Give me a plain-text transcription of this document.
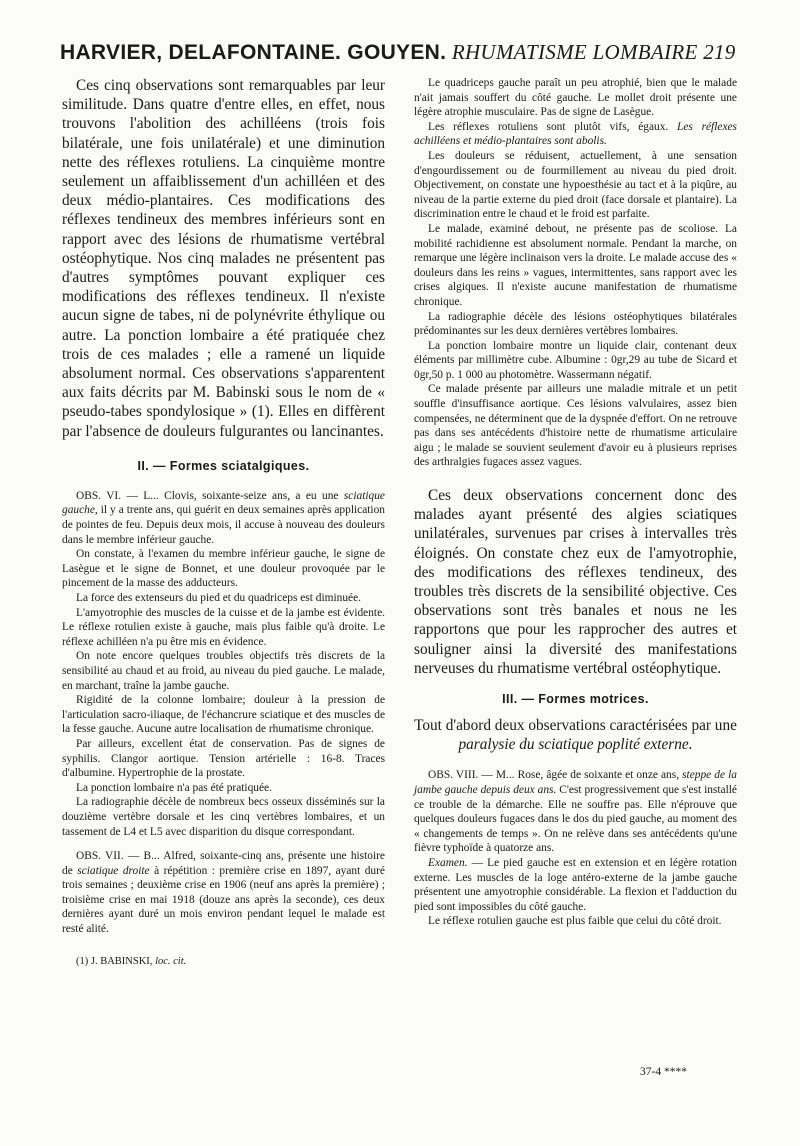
HARVIER, DELAFONTAINE. GOUYEN. RHUMATISME LOMBAIRE 219

Ces cinq observations sont remarquables par leur similitude. Dans quatre d'entre elles, en effet, nous trouvons l'abolition des achilléens (trois fois bilatérale, une fois unilatérale) et une diminution nette des réflexes rotuliens. La cinquième montre seulement un affaiblissement d'un achilléen et des deux médio-plantaires. Ces modifications des réflexes tendineux des membres inférieurs sont en rapport avec des lésions de rhumatisme vertébral ostéophytique. Nos cinq malades ne présentent pas d'autres symptômes pouvant expliquer ces modifications des réflexes tendineux. Il n'existe aucun signe de tabes, ni de polynévrite éthylique ou autre. La ponction lombaire a été pratiquée chez trois de ces malades ; elle a ramené un liquide absolument normal. Ces observations s'apparentent aux faits décrits par M. Babinski sous le nom de « pseudo-tabes spondylosique » (1). Elles en diffèrent par l'absence de douleurs fulgurantes ou lancinantes.

II. — Formes sciatalgiques.

OBS. VI. — L... Clovis, soixante-seize ans, a eu une sciatique gauche, il y a trente ans, qui guérit en deux semaines après application de pointes de feu. Depuis deux mois, il accuse à nouveau des douleurs dans le membre inférieur gauche.

On constate, à l'examen du membre inférieur gauche, le signe de Lasègue et le signe de Bonnet, et une douleur provoquée par le pincement de la masse des adducteurs.

La force des extenseurs du pied et du quadriceps est diminuée.

L'amyotrophie des muscles de la cuisse et de la jambe est évidente. Le réflexe rotulien existe à gauche, mais plus faible qu'à droite. Le réflexe achilléen n'a pu être mis en évidence.

On note encore quelques troubles objectifs très discrets de la sensibilité au chaud et au froid, au niveau du pied gauche. Le malade, en marchant, traîne la jambe gauche.

Rigidité de la colonne lombaire; douleur à la pression de l'articulation sacro-iliaque, de l'échancrure sciatique et des muscles de la fesse gauche. Aucune autre localisation de rhumatisme chronique.

Par ailleurs, excellent état de conservation. Pas de signes de syphilis. Clangor aortique. Tension artérielle : 16-8. Traces d'albumine. Hypertrophie de la prostate.

La ponction lombaire n'a pas été pratiquée.

La radiographie décèle de nombreux becs osseux disséminés sur la douzième vertèbre dorsale et les cinq vertèbres lombaires, et un tassement de L4 et L5 avec disparition du disque correspondant.

OBS. VII. — B... Alfred, soixante-cinq ans, présente une histoire de sciatique droite à répétition : première crise en 1897, ayant duré trois semaines ; deuxième crise en 1906 (neuf ans après la première) ; troisième crise en mai 1918 (douze ans après la seconde), ces deux dernières ayant duré un mois environ pendant lequel le malade est resté alité.

(1) J. BABINSKI, loc. cit.

Le quadriceps gauche paraît un peu atrophié, bien que le malade n'ait jamais souffert du côté gauche. Le mollet droit présente une légère atrophie musculaire. Pas de signe de Lasègue.

Les réflexes rotuliens sont plutôt vifs, égaux. Les réflexes achilléens et médio-plantaires sont abolis.

Les douleurs se réduisent, actuellement, à une sensation d'engourdissement ou de fourmillement au niveau du pied droit. Objectivement, on constate une hypoesthésie au tact et à la piqûre, au niveau de la partie externe du pied droit (face dorsale et plantaire). La discrimination entre le chaud et le froid est parfaite.

Le malade, examiné debout, ne présente pas de scoliose. La mobilité rachidienne est absolument normale. Pendant la marche, on remarque une légère inclinaison vers la droite. Le malade accuse des « douleurs dans les reins » vagues, intermittentes, sans rapport avec les crises algiques. Il n'existe aucune manifestation de rhumatisme chronique.

La radiographie décèle des lésions ostéophytiques bilatérales prédominantes sur les deux dernières vertèbres lombaires.

La ponction lombaire montre un liquide clair, contenant deux éléments par millimètre cube. Albumine : 0gr,29 au tube de Sicard et 0gr,50 p. 1 000 au photomètre. Wassermann négatif.

Ce malade présente par ailleurs une maladie mitrale et un petit souffle d'insuffisance aortique. Ces lésions valvulaires, assez bien compensées, ne déterminent que de la dyspnée d'effort. On ne retrouve pas dans ses antécédents d'histoire nette de rhumatisme articulaire aigu ; le malade se souvient seulement d'avoir eu à plusieurs reprises des arthralgies fugaces assez vagues.

Ces deux observations concernent donc des malades ayant présenté des algies sciatiques unilatérales, survenues par crises à intervalles très éloignés. On constate chez eux de l'amyotrophie, des modifications des réflexes tendineux, des troubles très discrets de la sensibilité objective. Ces observations sont très banales et nous ne les rapportons que pour les rapprocher des autres et souligner ainsi la diversité des manifestations nerveuses du rhumatisme vertébral ostéophytique.

III. — Formes motrices.

Tout d'abord deux observations caractérisées par une paralysie du sciatique poplité externe.

OBS. VIII. — M... Rose, âgée de soixante et onze ans, steppe de la jambe gauche depuis deux ans. C'est progressivement que s'est installé ce trouble de la démarche. Elle ne souffre pas. Elle n'éprouve que quelques douleurs fugaces dans le dos du pied gauche, au moment des « changements de temps ». On ne relève dans ses antécédents qu'une fièvre typhoïde à quatorze ans.

Examen. — Le pied gauche est en extension et en légère rotation externe. Les muscles de la loge antéro-externe de la jambe gauche présentent une amyotrophie considérable. La flexion et l'adduction du pied sont impossibles du côté gauche.

Le réflexe rotulien gauche est plus faible que celui du côté droit.

37-4 ****
